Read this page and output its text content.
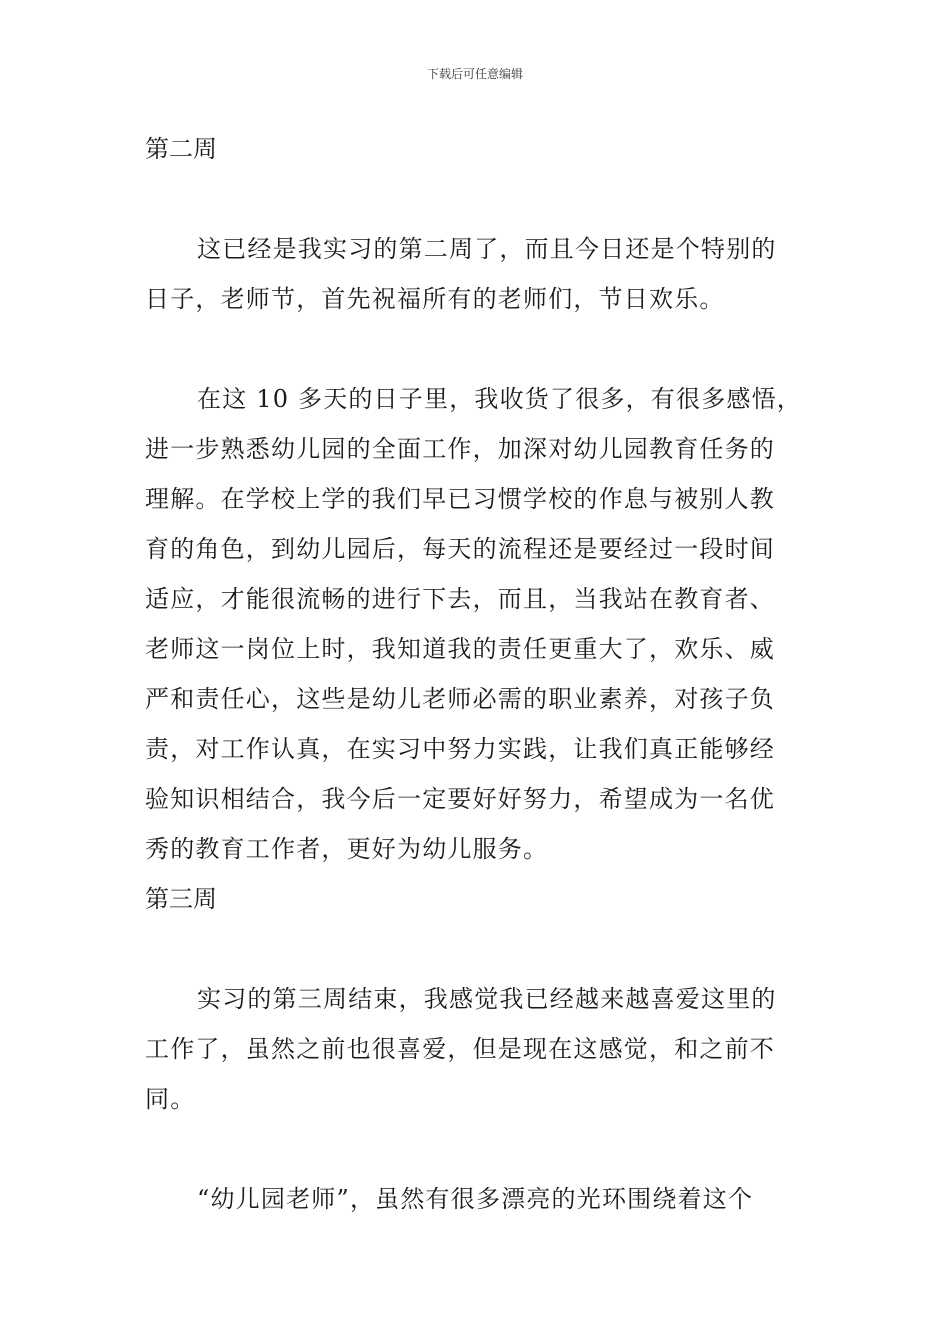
下载后可任意编辑
第二周
这已经是我实习的第二周了，而且今日还是个特别的
日子，老师节，首先祝福所有的老师们，节日欢乐。
在这 10 多天的日子里，我收货了很多，有很多感悟，
进一步熟悉幼儿园的全面工作，加深对幼儿园教育任务的
理解。在学校上学的我们早已习惯学校的作息与被别人教
育的角色，到幼儿园后，每天的流程还是要经过一段时间
适应，才能很流畅的进行下去，而且，当我站在教育者、
老师这一岗位上时，我知道我的责任更重大了，欢乐、威
严和责任心，这些是幼儿老师必需的职业素养，对孩子负
责，对工作认真，在实习中努力实践，让我们真正能够经
验知识相结合，我今后一定要好好努力，希望成为一名优
秀的教育工作者，更好为幼儿服务。
第三周
实习的第三周结束，我感觉我已经越来越喜爱这里的
工作了，虽然之前也很喜爱，但是现在这感觉，和之前不
同。
“幼儿园老师”，虽然有很多漂亮的光环围绕着这个
